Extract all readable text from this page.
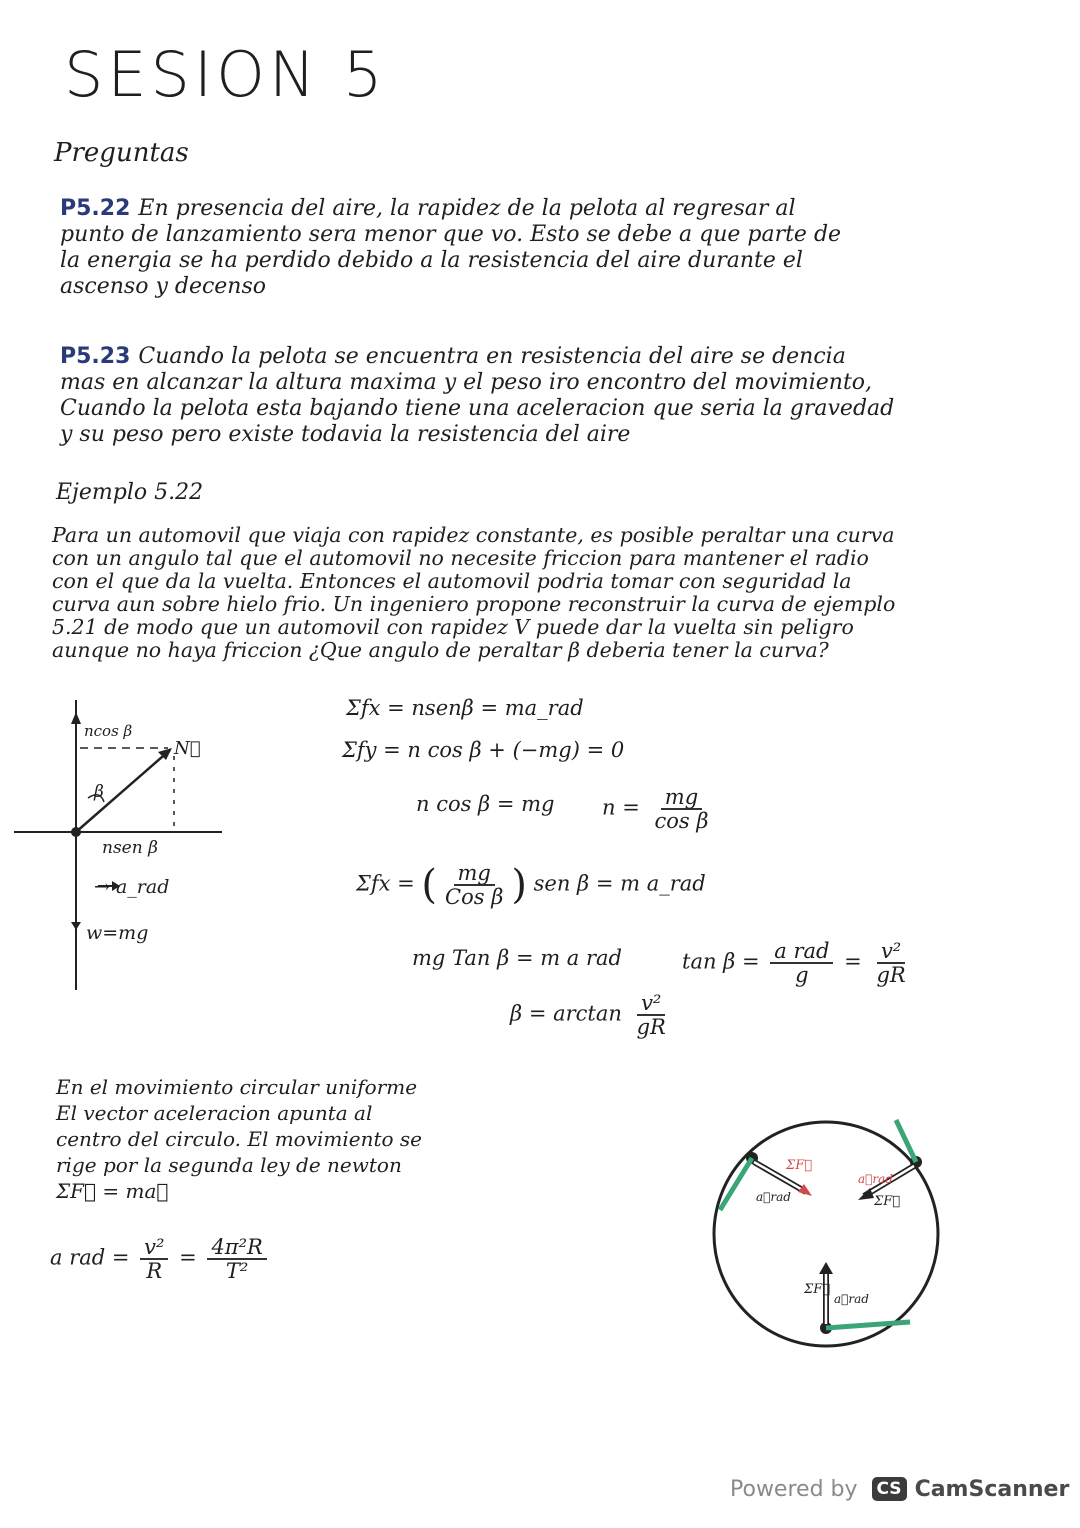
SESION 5
Preguntas
P5.22 En presencia del aire, la rapidez de la pelota al regresar al
punto de lanzamiento sera menor que vo. Esto se debe a que parte de
la energia se ha perdido debido a la resistencia del aire durante el
ascenso y decenso
P5.23 Cuando la pelota se encuentra en resistencia del aire se dencia
mas en alcanzar la altura maxima y el peso iro encontro del movimiento,
Cuando la pelota esta bajando tiene una aceleracion que seria la gravedad
y su peso pero existe todavia la resistencia del aire
Ejemplo 5.22
Para un automovil que viaja con rapidez constante, es posible peraltar una curva
con un angulo tal que el automovil no necesite friccion para mantener el radio
con el que da la vuelta. Entonces el automovil podria tomar con seguridad la
curva aun sobre hielo frio. Un ingeniero propone reconstruir la curva de ejemplo
5.21 de modo que un automovil con rapidez V puede dar la vuelta sin peligro
aunque no haya friccion ¿Que angulo de peraltar β deberia tener la curva?
ncos β
N⃗
β
nsen β
→ a_rad
w=mg
Σfx = nsenβ = ma_rad
Σfy = n cos β + (−mg) = 0
n cos β = mg $n = \frac{mg}{\text{cos β}}$
Σfx = ( $\frac{mg}{\text{Cos β}}$ ) sen β = m a_rad
mg Tan β = m a rad	$\tan \beta = \frac{\text{a rad}}{g} = \frac{\text{v²}}{gR}$
$\beta = \arctan \frac{\text{v²}}{gR}$
En el movimiento circular uniforme
El vector aceleracion apunta al
centro del circulo. El movimiento se
rige por la segunda ley de newton
ΣF⃗ = ma⃗
a rad = $\frac{\text{v²}}{R} = \frac{\text{4π²R}}{\text{T²}}$
ΣF⃗
a⃗rad
a⃗rad
ΣF⃗
ΣF⃗
a⃗rad
Powered by CS CamScanner
